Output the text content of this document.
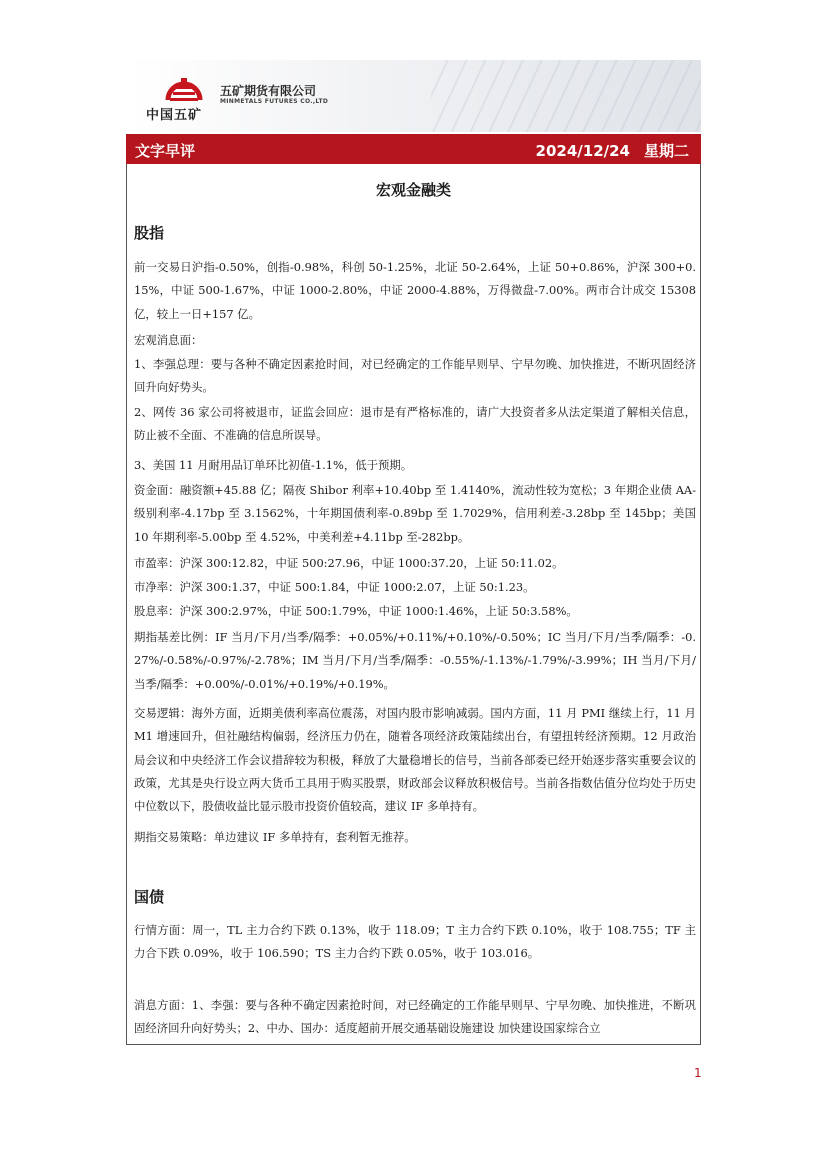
中国五矿
五矿期货有限公司
MINMETALS FUTURES CO.,LTD
文字早评	2024/12/24 星期二
宏观金融类
股指
前一交易日沪指-0.50%，创指-0.98%，科创 50-1.25%，北证 50-2.64%，上证 50+0.86%，沪深 300+0.15%，中证 500-1.67%，中证 1000-2.80%，中证 2000-4.88%，万得微盘-7.00%。两市合计成交 15308 亿，较上一日+157 亿。
宏观消息面：
1、李强总理：要与各种不确定因素抢时间，对已经确定的工作能早则早、宁早勿晚、加快推进，不断巩固经济回升向好势头。
2、网传 36 家公司将被退市，证监会回应：退市是有严格标准的，请广大投资者多从法定渠道了解相关信息，防止被不全面、不准确的信息所误导。
3、美国 11 月耐用品订单环比初值-1.1%，低于预期。
资金面：融资额+45.88 亿；隔夜 Shibor 利率+10.40bp 至 1.4140%，流动性较为宽松；3 年期企业债 AA-级别利率-4.17bp 至 3.1562%，十年期国债利率-0.89bp 至 1.7029%，信用利差-3.28bp 至 145bp；美国 10 年期利率-5.00bp 至 4.52%，中美利差+4.11bp 至-282bp。
市盈率：沪深 300:12.82，中证 500:27.96，中证 1000:37.20，上证 50:11.02。
市净率：沪深 300:1.37，中证 500:1.84，中证 1000:2.07，上证 50:1.23。
股息率：沪深 300:2.97%，中证 500:1.79%，中证 1000:1.46%，上证 50:3.58%。
期指基差比例：IF 当月/下月/当季/隔季：+0.05%/+0.11%/+0.10%/-0.50%；IC 当月/下月/当季/隔季：-0.27%/-0.58%/-0.97%/-2.78%；IM 当月/下月/当季/隔季：-0.55%/-1.13%/-1.79%/-3.99%；IH 当月/下月/当季/隔季：+0.00%/-0.01%/+0.19%/+0.19%。
交易逻辑：海外方面，近期美债利率高位震荡，对国内股市影响减弱。国内方面，11 月 PMI 继续上行，11 月 M1 增速回升，但社融结构偏弱，经济压力仍在，随着各项经济政策陆续出台，有望扭转经济预期。12 月政治局会议和中央经济工作会议措辞较为积极，释放了大量稳增长的信号，当前各部委已经开始逐步落实重要会议的政策，尤其是央行设立两大货币工具用于购买股票，财政部会议释放积极信号。当前各指数估值分位均处于历史中位数以下，股债收益比显示股市投资价值较高，建议 IF 多单持有。
期指交易策略：单边建议 IF 多单持有，套利暂无推荐。
国债
行情方面：周一，TL 主力合约下跌 0.13%，收于 118.09；T 主力合约下跌 0.10%，收于 108.755；TF 主力合下跌 0.09%，收于 106.590；TS 主力合约下跌 0.05%，收于 103.016。
消息方面：1、李强：要与各种不确定因素抢时间，对已经确定的工作能早则早、宁早勿晚、加快推进，不断巩固经济回升向好势头；2、中办、国办：适度超前开展交通基础设施建设 加快建设国家综合立
1
